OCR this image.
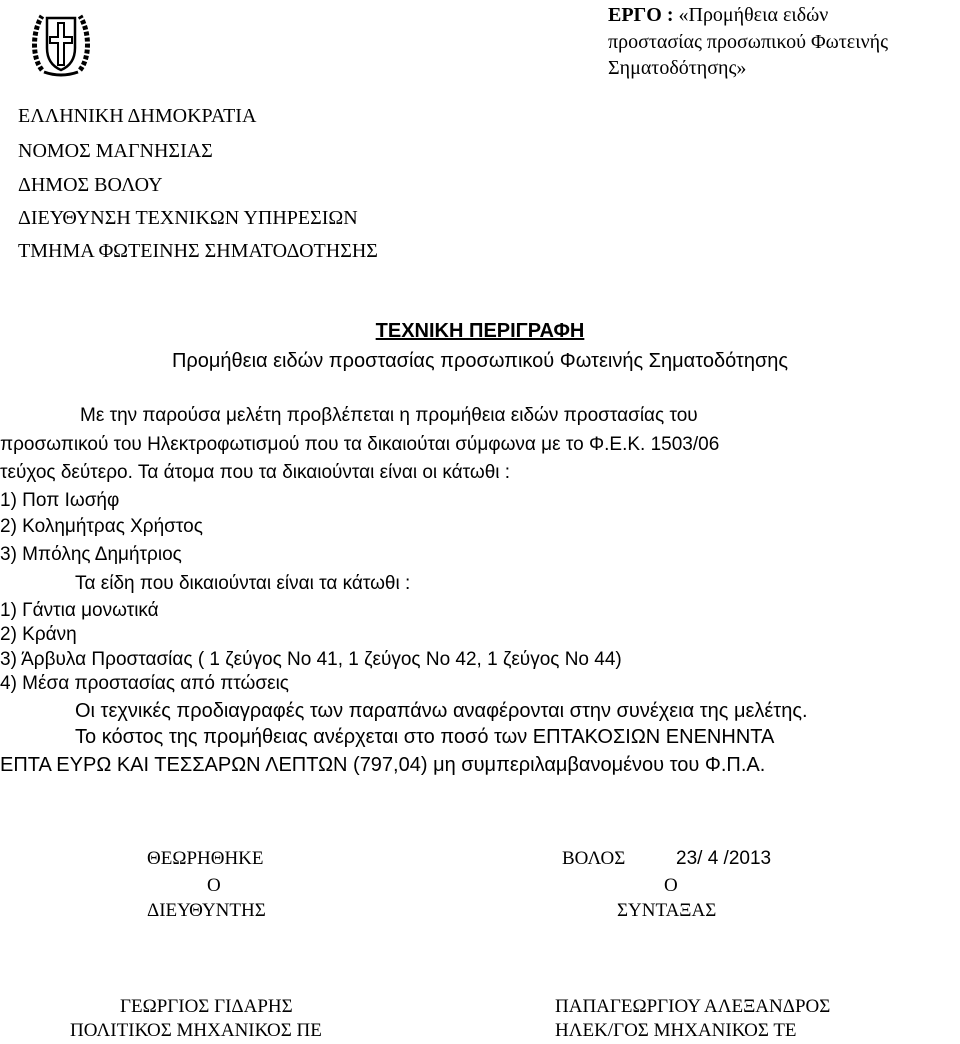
ΕΡΓΟ : «Προμήθεια ειδών
προστασίας προσωπικού Φωτεινής
Σηματοδότησης»
ΕΛΛΗΝΙΚΗ ΔΗΜΟΚΡΑΤΙΑ
ΝΟΜΟΣ ΜΑΓΝΗΣΙΑΣ
ΔΗΜΟΣ ΒΟΛΟΥ
ΔΙΕΥΘΥΝΣΗ ΤΕΧΝΙΚΩΝ ΥΠΗΡΕΣΙΩΝ
ΤΜΗΜΑ ΦΩΤΕΙΝΗΣ ΣΗΜΑΤΟΔΟΤΗΣΗΣ
ΤΕΧΝΙΚΗ ΠΕΡΙΓΡΑΦΗ
Προμήθεια ειδών προστασίας προσωπικού Φωτεινής Σηματοδότησης
Με την παρούσα μελέτη προβλέπεται η προμήθεια ειδών προστασίας του
προσωπικού του Ηλεκτροφωτισμού που τα δικαιούται σύμφωνα με το Φ.Ε.Κ. 1503/06
τεύχος δεύτερο. Τα άτομα που τα δικαιούνται είναι οι κάτωθι :
1) Ποπ Ιωσήφ
2) Κολημήτρας Χρήστος
3) Μπόλης Δημήτριος
Τα είδη που δικαιούνται είναι τα κάτωθι :
1) Γάντια μονωτικά
2) Κράνη
3) Άρβυλα Προστασίας ( 1 ζεύγος Νο 41, 1 ζεύγος Νο 42, 1 ζεύγος Νο 44)
4) Μέσα προστασίας από πτώσεις
Οι τεχνικές προδιαγραφές των παραπάνω αναφέρονται στην συνέχεια της μελέτης.
Το κόστος της προμήθειας ανέρχεται στο ποσό των ΕΠΤΑΚΟΣΙΩΝ ΕΝΕΝΗΝΤΑ
ΕΠΤΑ ΕΥΡΩ ΚΑΙ ΤΕΣΣΑΡΩΝ ΛΕΠΤΩΝ (797,04) μη συμπεριλαμβανομένου του Φ.Π.Α.
ΘΕΩΡΗΘΗΚΕ
Ο
ΔΙΕΥΘΥΝΤΗΣ
ΓΕΩΡΓΙΟΣ ΓΙΔΑΡΗΣ
ΠΟΛΙΤΙΚΟΣ ΜΗΧΑΝΙΚΟΣ ΠΕ
ΒΟΛΟΣ	23/ 4 /2013
Ο
ΣΥΝΤΑΞΑΣ
ΠΑΠΑΓΕΩΡΓΙΟΥ ΑΛΕΞΑΝΔΡΟΣ
ΗΛΕΚ/ΓΟΣ ΜΗΧΑΝΙΚΟΣ ΤΕ
